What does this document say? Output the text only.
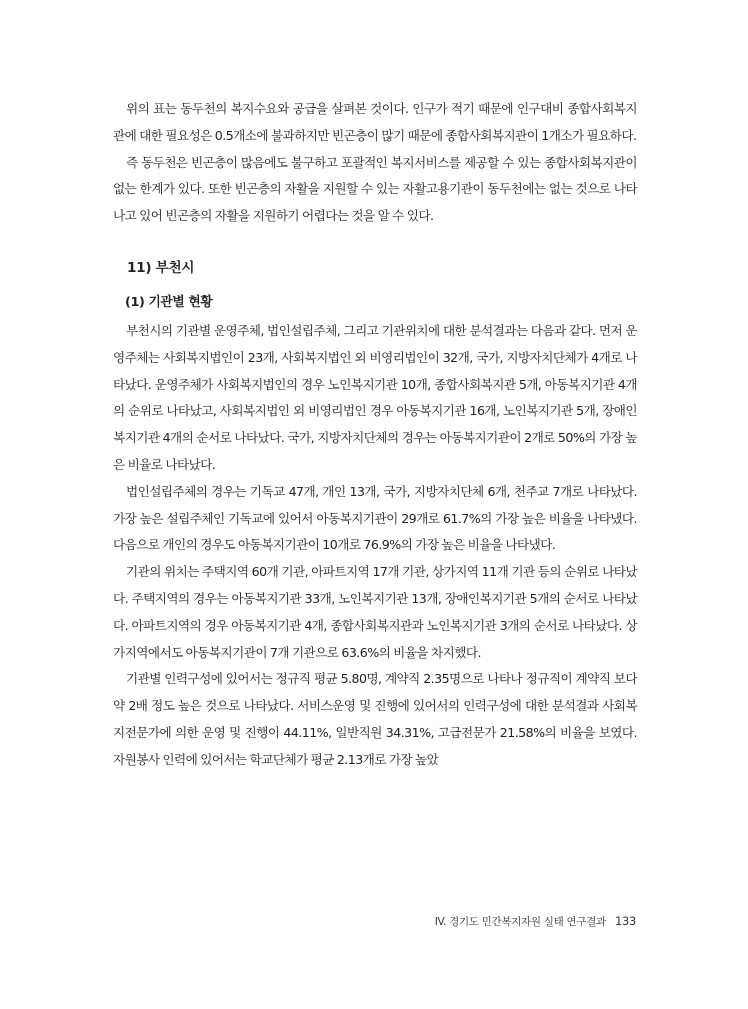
위의 표는 동두천의 복지수요와 공급을 살펴본 것이다. 인구가 적기 때문에 인구대비 종합사회복지관에 대한 필요성은 0.5개소에 불과하지만 빈곤층이 많기 때문에 종합사회복지관이 1개소가 필요하다.

즉 동두천은 빈곤층이 많음에도 불구하고 포괄적인 복지서비스를 제공할 수 있는 종합사회복지관이 없는 한계가 있다. 또한 빈곤층의 자활을 지원할 수 있는 자활고용기관이 동두천에는 없는 것으로 나타나고 있어 빈곤층의 자활을 지원하기 어렵다는 것을 알 수 있다.

11) 부천시
(1) 기관별 현황

부천시의 기관별 운영주체, 법인설립주체, 그리고 기관위치에 대한 분석결과는 다음과 같다. 먼저 운영주체는 사회복지법인이 23개, 사회복지법인 외 비영리법인이 32개, 국가, 지방자치단체가 4개로 나타났다. 운영주체가 사회복지법인의 경우 노인복지기관 10개, 종합사회복지관 5개, 아동복지기관 4개의 순위로 나타났고, 사회복지법인 외 비영리법인 경우 아동복지기관 16개, 노인복지기관 5개, 장애인복지기관 4개의 순서로 나타났다. 국가, 지방자치단체의 경우는 아동복지기관이 2개로 50%의 가장 높은 비율로 나타났다.

법인설립주체의 경우는 기독교 47개, 개인 13개, 국가, 지방자치단체 6개, 천주교 7개로 나타났다. 가장 높은 설립주체인 기독교에 있어서 아동복지기관이 29개로 61.7%의 가장 높은 비율을 나타냈다. 다음으로 개인의 경우도 아동복지기관이 10개로 76.9%의 가장 높은 비율을 나타냈다.

기관의 위치는 주택지역 60개 기관, 아파트지역 17개 기관, 상가지역 11개 기관 등의 순위로 나타났다. 주택지역의 경우는 아동복지기관 33개, 노인복지기관 13개, 장애인복지기관 5개의 순서로 나타났다. 아파트지역의 경우 아동복지기관 4개, 종합사회복지관과 노인복지기관 3개의 순서로 나타났다. 상가지역에서도 아동복지기관이 7개 기관으로 63.6%의 비율을 차지했다.

기관별 인력구성에 있어서는 정규직 평균 5.80명, 계약직 2.35명으로 나타나 정규직이 계약직 보다 약 2배 정도 높은 것으로 나타났다. 서비스운영 및 진행에 있어서의 인력구성에 대한 분석결과 사회복지전문가에 의한 운영 및 진행이 44.11%, 일반직원 34.31%, 고급전문가 21.58%의 비율을 보였다. 자원봉사 인력에 있어서는 학교단체가 평균 2.13개로 가장 높았

IV. 경기도 민간복지자원 실태 연구결과 133
